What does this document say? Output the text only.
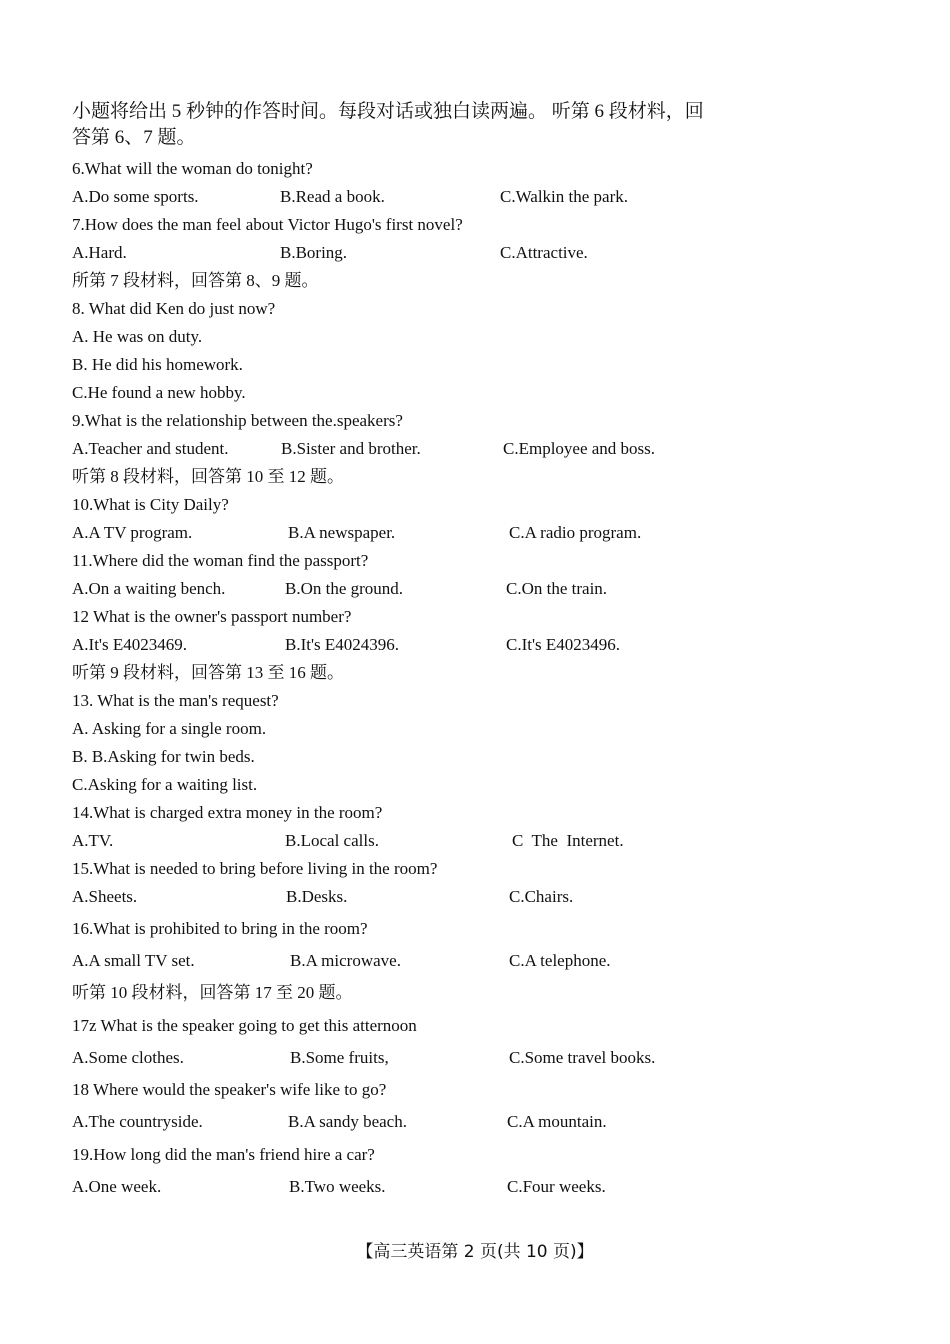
小题将给出 5 秒钟的作答时间。每段对话或独白读两遍。 听第 6 段材料，回
答第 6、7 题。
6.What will the woman do tonight?
A.Do some sports.	B.Read a book.	C.Walkin the park.
7.How does the man feel about Victor Hugo's first novel?
A.Hard.	B.Boring.	C.Attractive.
所第 7 段材料，回答第 8、9 题。
8. What did Ken do just now?
A. He was on duty.
B. He did his homework.
C.He found a new hobby.
9.What is the relationship between the.speakers?
A.Teacher and student.	B.Sister and brother.	C.Employee and boss.
听第 8 段材料，回答第 10 至 12 题。
10.What is City Daily?
A.A TV program.	B.A newspaper.	C.A radio program.
11.Where did the woman find the passport?
A.On a waiting bench.	B.On the ground.	C.On the train.
12 What is the owner's passport number?
A.It's E4023469.	B.It's E4024396.	C.It's E4023496.
听第 9 段材料，回答第 13 至 16 题。
13. What is the man's request?
A. Asking for a single room.
B. B.Asking for twin beds.
C.Asking for a waiting list.
14.What is charged extra money in the room?
A.TV.	B.Local calls.	C  The  Internet.
15.What is needed to bring before living in the room?
A.Sheets.	B.Desks.	C.Chairs.
16.What is prohibited to bring in the room?
A.A small TV set.	B.A microwave.	C.A telephone.
听第 10 段材料，回答第 17 至 20 题。
17z What is the speaker going to get this atternoon
A.Some clothes.	B.Some fruits,	C.Some travel books.
18 Where would the speaker's wife like to go?
A.The countryside.	B.A sandy beach.	C.A mountain.
19.How long did the man's friend hire a car?
A.One week.	B.Two weeks.	C.Four weeks.
【高三英语第 2 页(共 10 页)】
